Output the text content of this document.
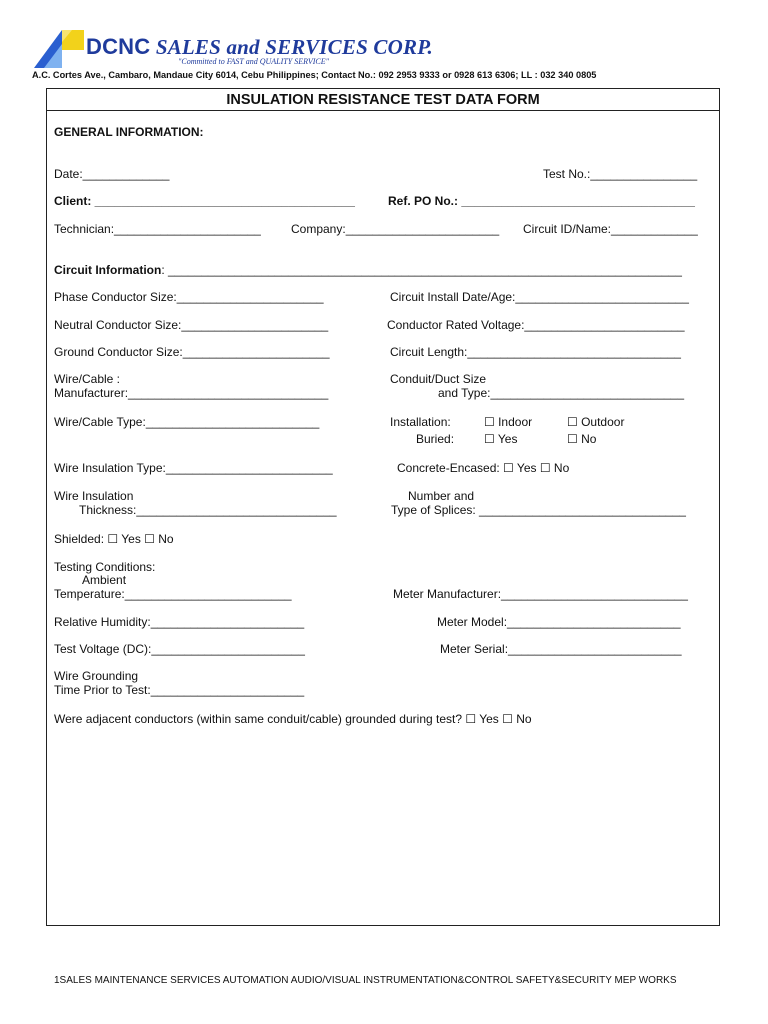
DCNC SALES and SERVICES CORP.
"Committed to FAST and QUALITY SERVICE"
A.C. Cortes Ave., Cambaro, Mandaue City 6014, Cebu Philippines; Contact No.: 092 2953 9333 or 0928 613 6306; LL : 032 340 0805
INSULATION RESISTANCE TEST DATA FORM
GENERAL INFORMATION:
Date:_____________	Test No.:________________
Client: _______________________________________	Ref. PO No.: ___________________________________
Technician:______________________	Company:_______________________ Circuit ID/Name:_____________
Circuit Information: _____________________________________________________________________________
Phase Conductor Size:______________________	Circuit Install Date/Age:__________________________
Neutral Conductor Size:______________________	Conductor Rated Voltage:________________________
Ground Conductor Size:______________________	Circuit Length:________________________________
Wire/Cable :
Manufacturer:______________________________
Conduit/Duct Size
and Type:_____________________________
Wire/Cable Type:__________________________	Installation:	☐ Indoor	☐ Outdoor
Buried: ☐ Yes	☐ No
Wire Insulation Type:_________________________	Concrete-Encased: ☐ Yes ☐ No
Wire Insulation
Thickness:______________________________
Number and
Type of Splices: _______________________________
Shielded: ☐ Yes ☐ No
Testing Conditions:
Ambient
Temperature:_________________________	Meter Manufacturer:____________________________
Relative Humidity:_______________________	Meter Model:__________________________
Test Voltage (DC):_______________________	Meter Serial:__________________________
Wire Grounding
Time Prior to Test:_______________________
Were adjacent conductors (within same conduit/cable) grounded during test? ☐ Yes ☐ No
1SALES MAINTENANCE SERVICES AUTOMATION AUDIO/VISUAL INSTRUMENTATION&CONTROL SAFETY&SECURITY MEP WORKS
